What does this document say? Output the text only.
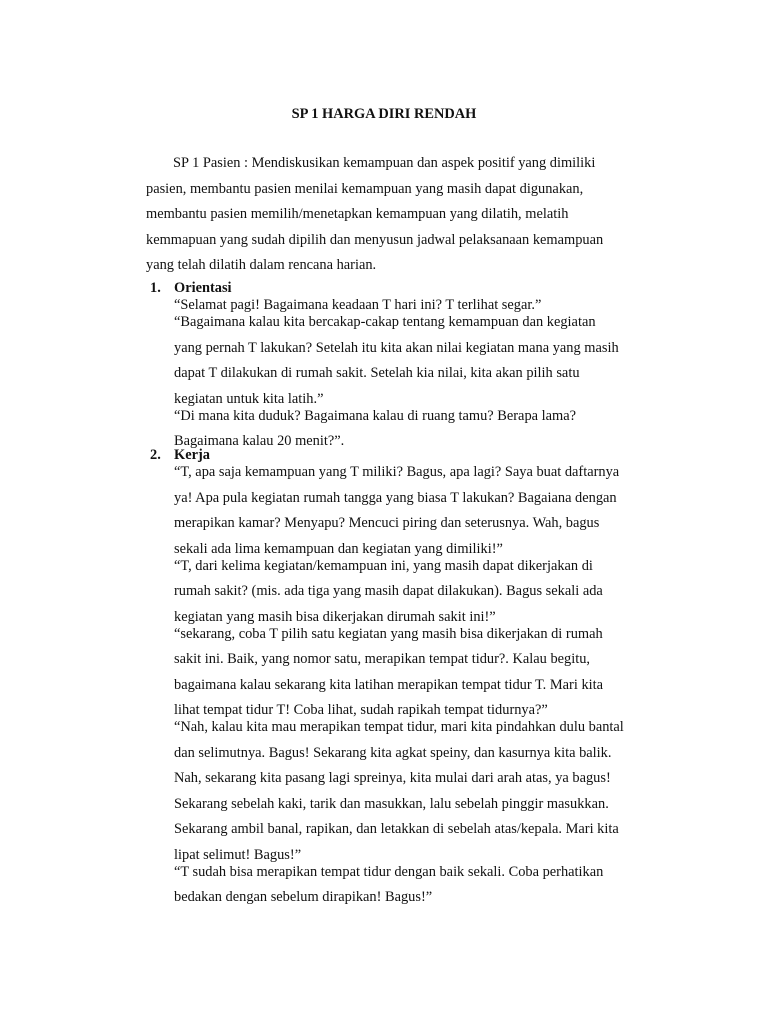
SP 1 HARGA DIRI RENDAH
SP 1 Pasien : Mendiskusikan kemampuan dan aspek positif yang dimiliki
pasien, membantu pasien menilai kemampuan yang masih dapat digunakan,
membantu pasien memilih/menetapkan kemampuan yang dilatih, melatih
kemmapuan yang sudah dipilih dan menyusun jadwal pelaksanaan kemampuan
yang telah dilatih dalam rencana harian.
1. Orientasi
“Selamat pagi! Bagaimana keadaan T hari ini? T terlihat segar.”
“Bagaimana kalau kita bercakap-cakap tentang kemampuan dan kegiatan
yang pernah T lakukan? Setelah itu kita akan nilai kegiatan mana yang masih
dapat T dilakukan di rumah sakit. Setelah kia nilai, kita akan pilih satu
kegiatan untuk kita latih.”
“Di mana kita duduk? Bagaimana kalau di ruang tamu? Berapa lama?
Bagaimana kalau 20 menit?”.
2. Kerja
“T, apa saja kemampuan yang T miliki? Bagus, apa lagi? Saya buat daftarnya
ya! Apa pula kegiatan rumah tangga yang biasa T lakukan? Bagaiana dengan
merapikan kamar? Menyapu? Mencuci piring dan seterusnya. Wah, bagus
sekali ada lima kemampuan dan kegiatan yang dimiliki!”
“T, dari kelima kegiatan/kemampuan ini, yang masih dapat dikerjakan di
rumah sakit? (mis. ada tiga yang masih dapat dilakukan). Bagus sekali ada
kegiatan yang masih bisa dikerjakan dirumah sakit ini!”
“sekarang, coba T pilih satu kegiatan yang masih bisa dikerjakan di rumah
sakit ini. Baik, yang nomor satu, merapikan tempat tidur?. Kalau begitu,
bagaimana kalau sekarang kita latihan merapikan tempat tidur T. Mari kita
lihat tempat tidur T! Coba lihat, sudah rapikah tempat tidurnya?”
“Nah, kalau kita mau merapikan tempat tidur, mari kita pindahkan dulu bantal
dan selimutnya. Bagus! Sekarang kita agkat speiny, dan kasurnya kita balik.
Nah, sekarang kita pasang lagi spreinya, kita mulai dari arah atas, ya bagus!
Sekarang sebelah kaki, tarik dan masukkan, lalu sebelah pinggir masukkan.
Sekarang ambil banal, rapikan, dan letakkan di sebelah atas/kepala. Mari kita
lipat selimut! Bagus!”
“T sudah bisa merapikan tempat tidur dengan baik sekali. Coba perhatikan
bedakan dengan sebelum dirapikan! Bagus!”
